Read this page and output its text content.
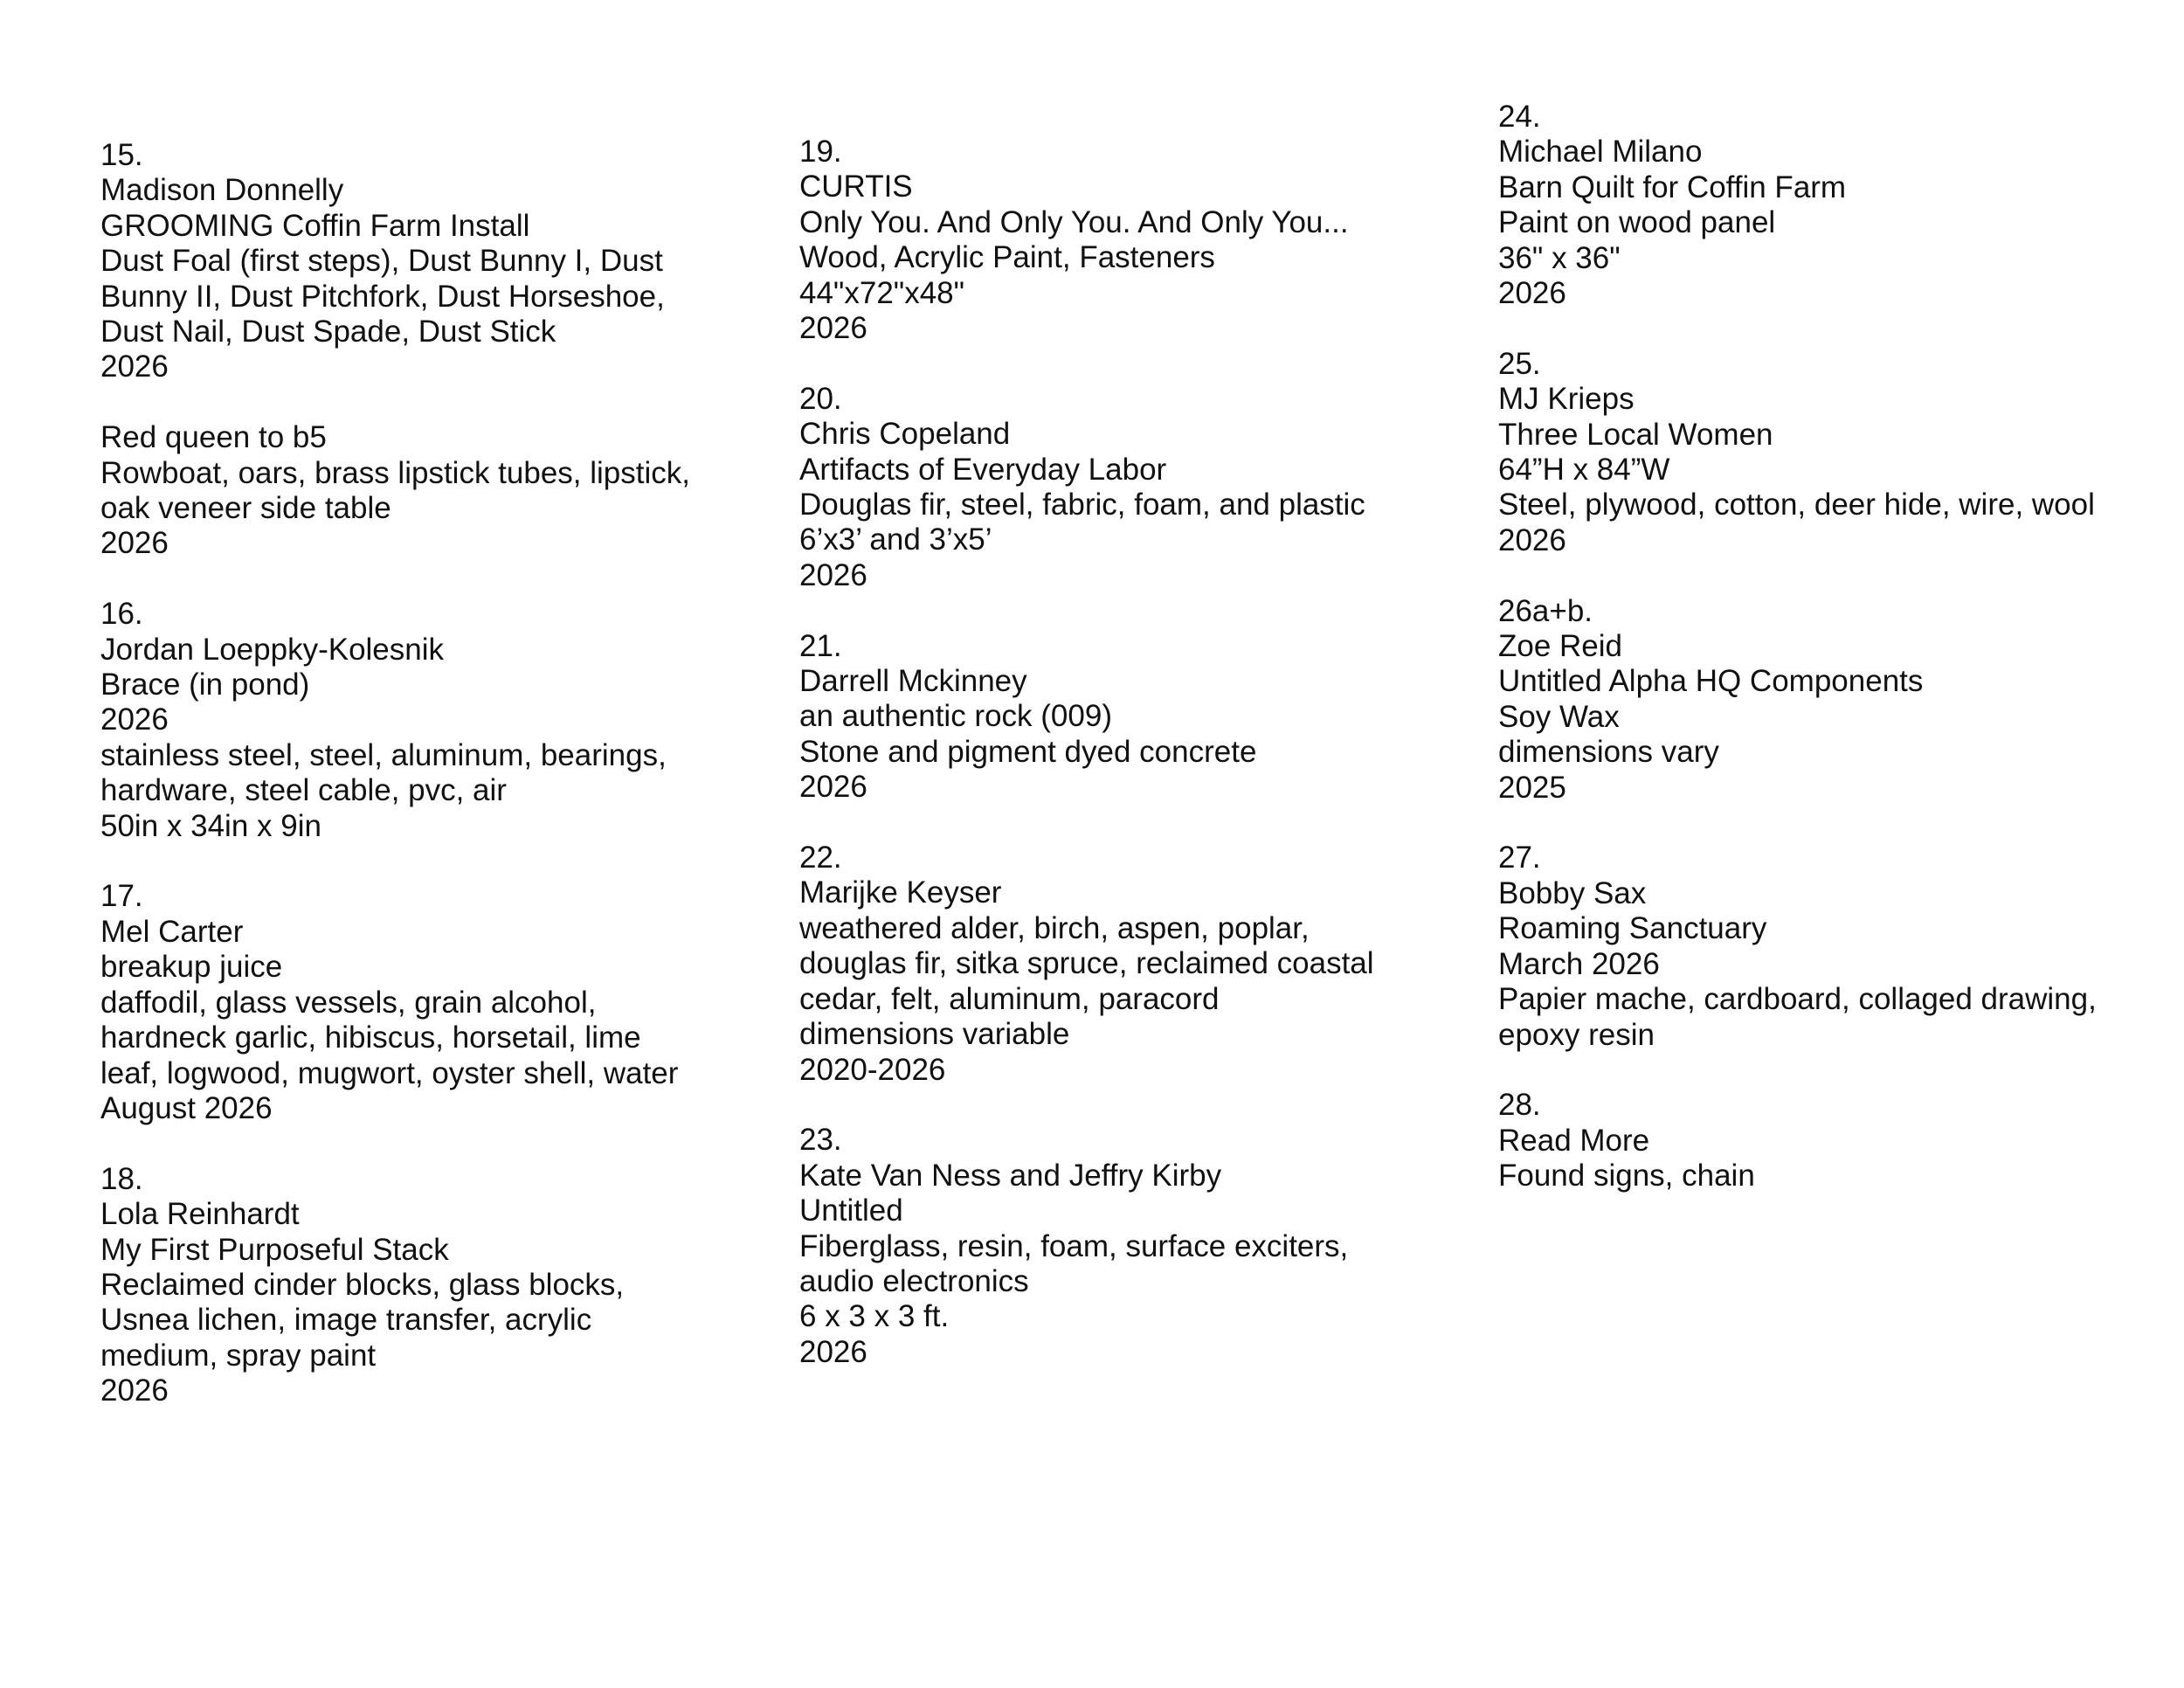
15.
Madison Donnelly
GROOMING Coffin Farm Install
Dust Foal (first steps), Dust Bunny I, Dust
Bunny II, Dust Pitchfork, Dust Horseshoe,
Dust Nail, Dust Spade, Dust Stick
2026
Red queen to b5
Rowboat, oars, brass lipstick tubes, lipstick,
oak veneer side table
2026
16.
Jordan Loeppky-Kolesnik
Brace (in pond)
2026
stainless steel, steel, aluminum, bearings,
hardware, steel cable, pvc, air
50in x 34in x 9in
17.
Mel Carter
breakup juice
daffodil, glass vessels, grain alcohol,
hardneck garlic, hibiscus, horsetail, lime
leaf, logwood, mugwort, oyster shell, water
August 2026
18.
Lola Reinhardt
My First Purposeful Stack
Reclaimed cinder blocks, glass blocks,
Usnea lichen, image transfer, acrylic
medium, spray paint
2026
19.
CURTIS
Only You. And Only You. And Only You...
Wood, Acrylic Paint, Fasteners
44"x72"x48"
2026
20.
Chris Copeland
Artifacts of Everyday Labor
Douglas fir, steel, fabric, foam, and plastic
6’x3’ and 3’x5’
2026
21.
Darrell Mckinney
an authentic rock (009)
Stone and pigment dyed concrete
2026
22.
Marijke Keyser
weathered alder, birch, aspen, poplar,
douglas fir, sitka spruce, reclaimed coastal
cedar, felt, aluminum, paracord
dimensions variable
2020-2026
23.
Kate Van Ness and Jeffry Kirby
Untitled
Fiberglass, resin, foam, surface exciters,
audio electronics
6 x 3 x 3 ft.
2026
24.
Michael Milano
Barn Quilt for Coffin Farm
Paint on wood panel
36" x 36"
2026
25.
MJ Krieps
Three Local Women
64”H x 84”W
Steel, plywood, cotton, deer hide, wire, wool
2026
26a+b.
Zoe Reid
Untitled Alpha HQ Components
Soy Wax
dimensions vary
2025
27.
Bobby Sax
Roaming Sanctuary
March 2026
Papier mache, cardboard, collaged drawing,
epoxy resin
28.
Read More
Found signs, chain
